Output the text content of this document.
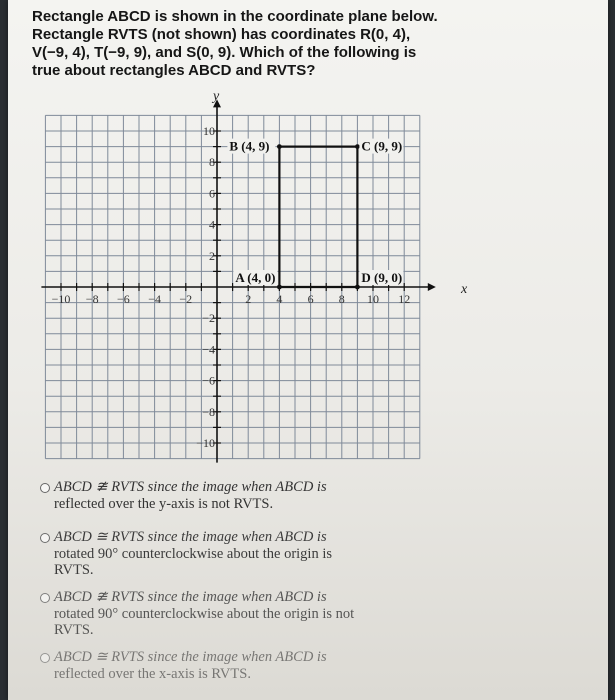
Rectangle ABCD is shown in the coordinate plane below.
Rectangle RVTS (not shown) has coordinates R(0, 4),
V(−9, 4), T(−9, 9), and S(0, 9). Which of the following is
true about rectangles ABCD and RVTS?
−10 −8 −6 −4 −2	2 4 6 8 10 12
10
8
6
4
2
−2
−4
−6
−8
−10
B (4, 9)	C (9, 9)
A (4, 0)	D (9, 0)
y
x
ABCD ≇ RVTS since the image when ABCD is
reflected over the y-axis is not RVTS.
ABCD ≅ RVTS since the image when ABCD is
rotated 90° counterclockwise about the origin is
RVTS.
ABCD ≇ RVTS since the image when ABCD is
rotated 90° counterclockwise about the origin is not
RVTS.
ABCD ≅ RVTS since the image when ABCD is
reflected over the x-axis is RVTS.
